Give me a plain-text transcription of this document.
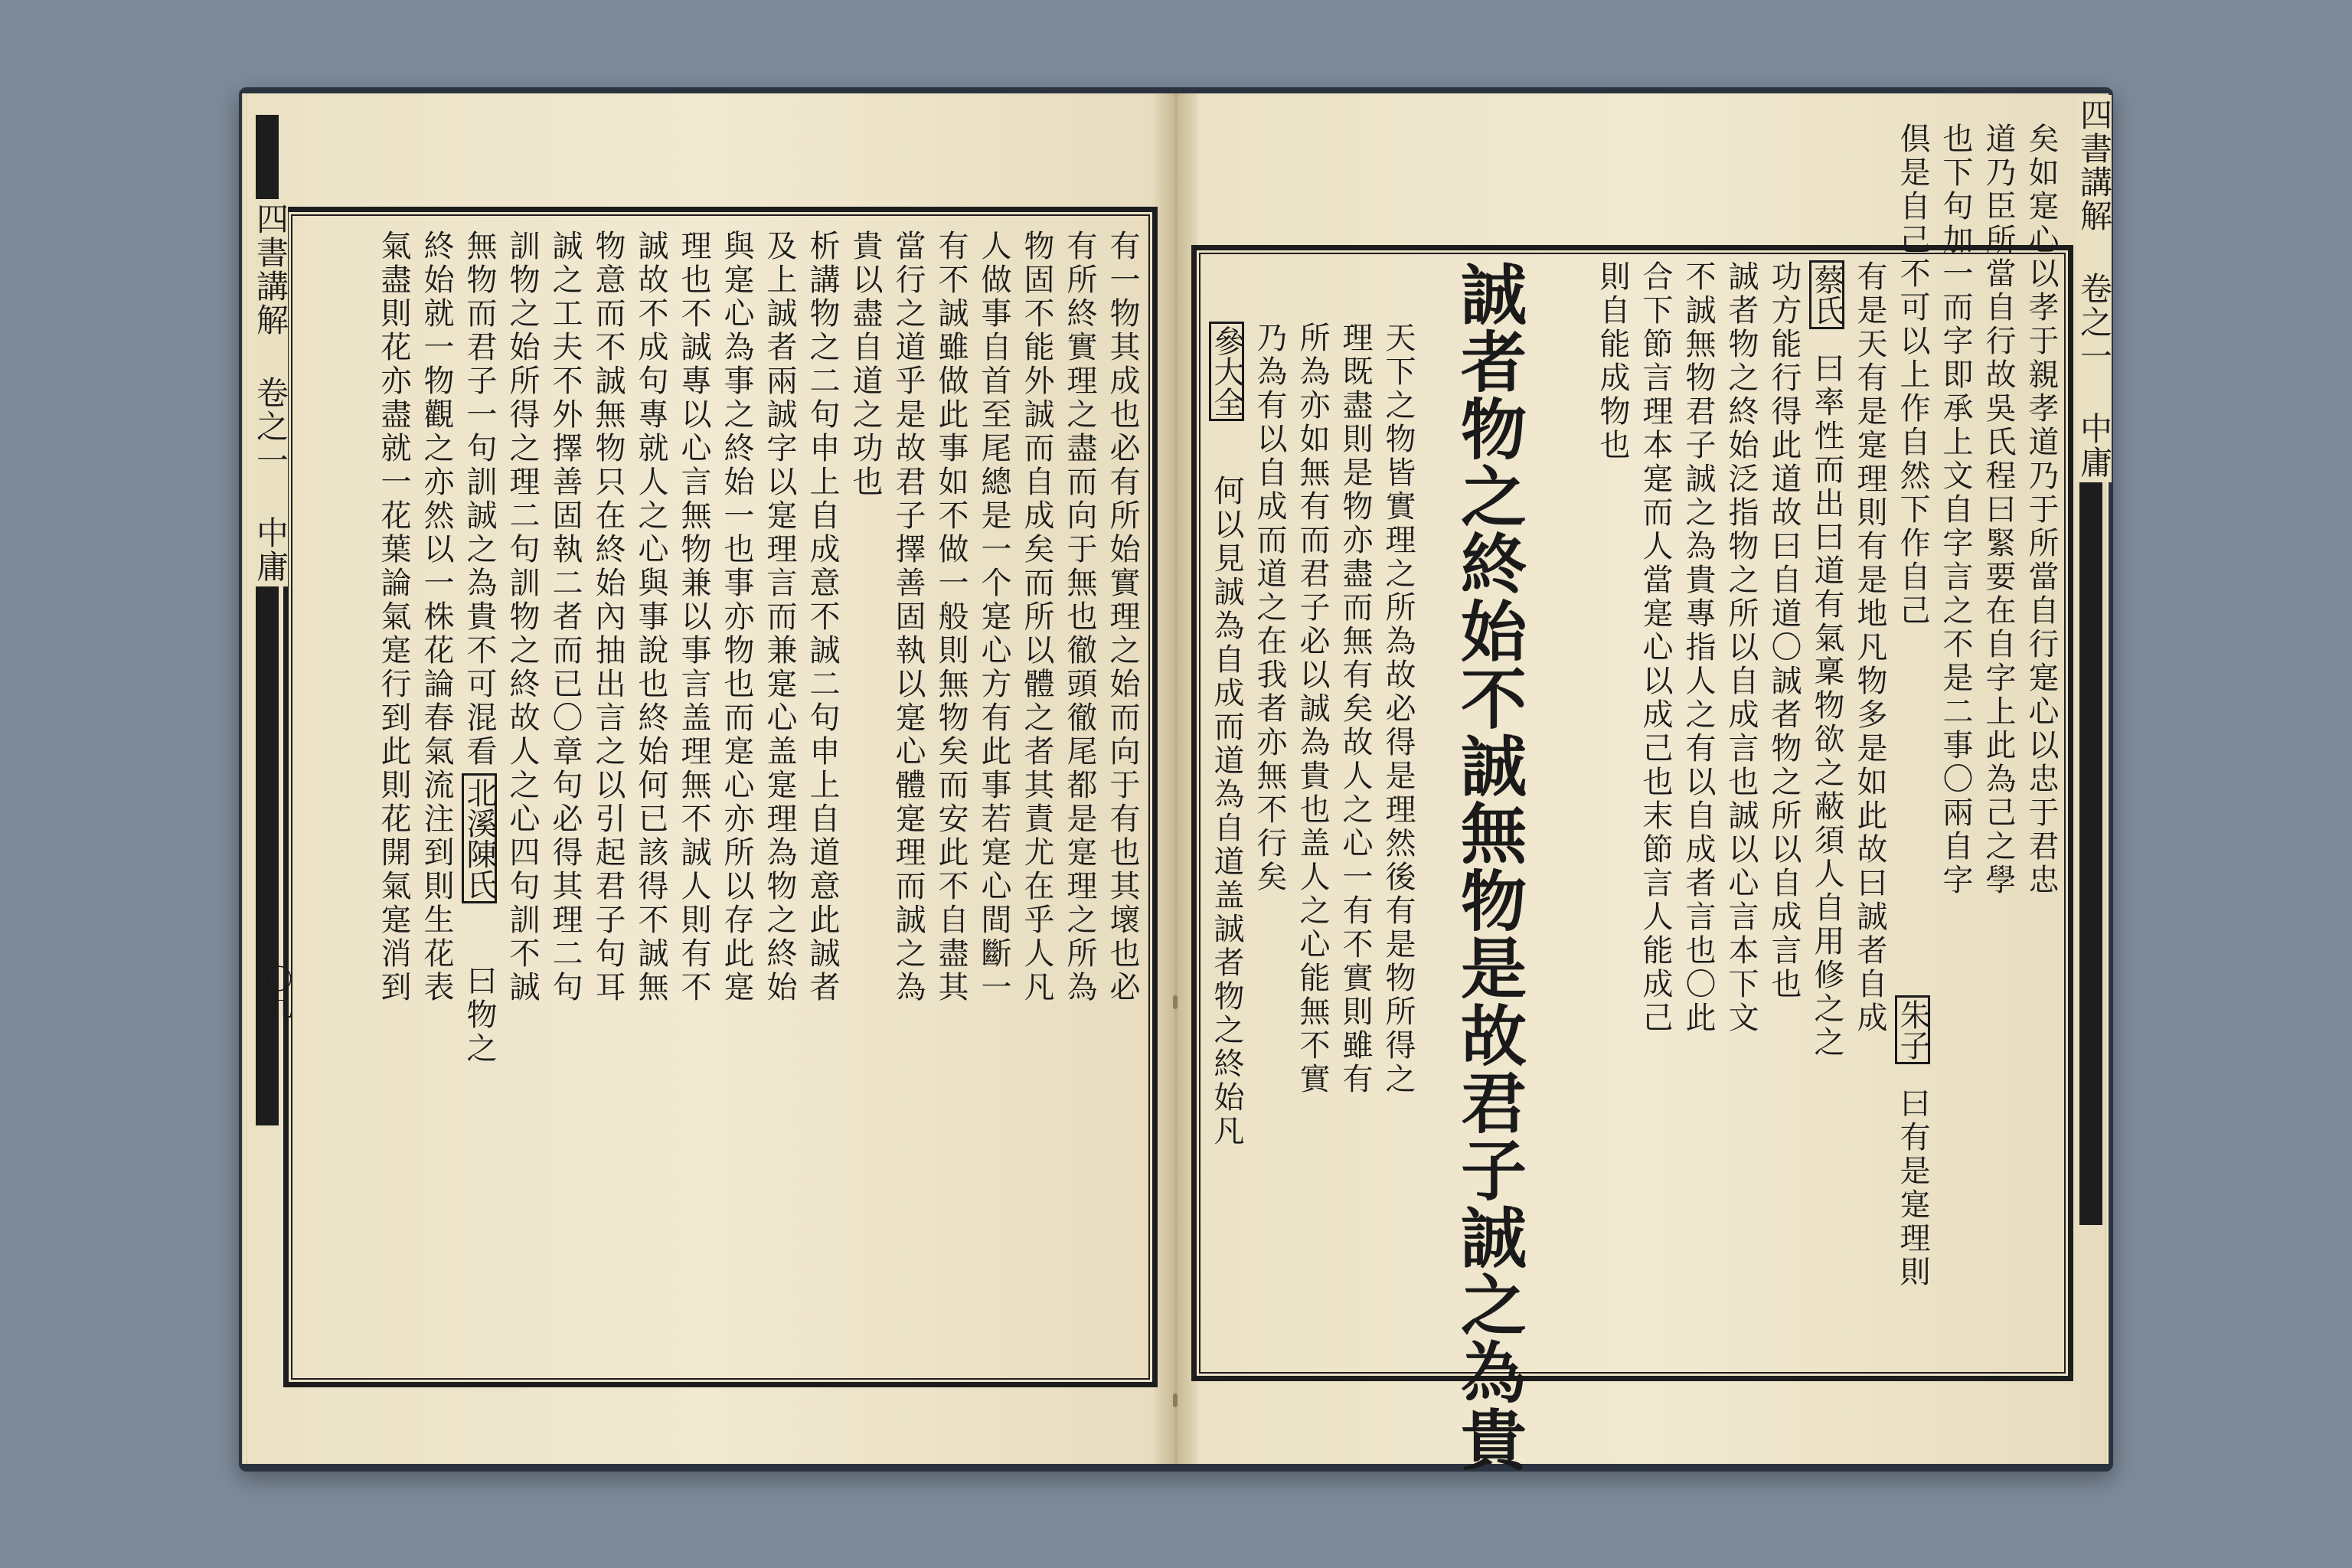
四書講解 卷之一 中庸
〇九
四書講解 卷之一 中庸
有一物其成也必有所始實理之始而向于有也其壞也必
有所終實理之盡而向于無也徹頭徹尾都是寔理之所為
物固不能外誠而自成矣而所以體之者其責尤在乎人凡
人做事自首至尾總是一个寔心方有此事若寔心間斷一
有不誠雖做此事如不做一般則無物矣而安此不自盡其
當行之道乎是故君子擇善固執以寔心體寔理而誠之為
貴以盡自道之功也
析講物之二句申上自成意不誠二句申上自道意此誠者
及上誠者兩誠字以寔理言而兼寔心盖寔理為物之終始
與寔心為事之終始一也事亦物也而寔心亦所以存此寔
理也不誠專以心言無物兼以事言盖理無不誠人則有不
誠故不成句專就人之心與事說也終始何已該得不誠無
物意而不誠無物只在終始內抽出言之以引起君子句耳
誠之工夫不外擇善固執二者而已〇章句必得其理二句
訓物之始所得之理二句訓物之終故人之心四句訓不誠
無物而君子一句訓誠之為貴不可混看
北溪陳氏
曰物之
終始就一物觀之亦然以一株花論春氣流注到則生花表
氣盡則花亦盡就一花葉論氣寔行到此則花開氣寔消到	矣如寔心以孝于親孝道乃于所當自行寔心以忠于君忠
道乃臣所當自行故吳氏程曰緊要在自字上此為己之學
也下句加一而字即承上文自字言之不是二事〇兩自字
倶是自己不可以上作自然下作自己
朱子
曰有是寔理則
有是天有是寔理則有是地凡物多是如此故曰誠者自成
蔡氏
曰率性而出曰道有氣稟物欲之蔽須人自用修之之
功方能行得此道故曰自道〇誠者物之所以自成言也
誠者物之終始泛指物之所以自成言也誠以心言本下文
不誠無物君子誠之為貴專指人之有以自成者言也〇此
合下節言理本寔而人當寔心以成己也末節言人能成己
則自能成物也
誠者物之終始不誠無物是故君子誠之為貴
天下之物皆實理之所為故必得是理然後有是物所得之
理既盡則是物亦盡而無有矣故人之心一有不實則雖有
所為亦如無有而君子必以誠為貴也盖人之心能無不實
乃為有以自成而道之在我者亦無不行矣
參大全
何以見誠為自成而道為自道盖誠者物之終始凡
